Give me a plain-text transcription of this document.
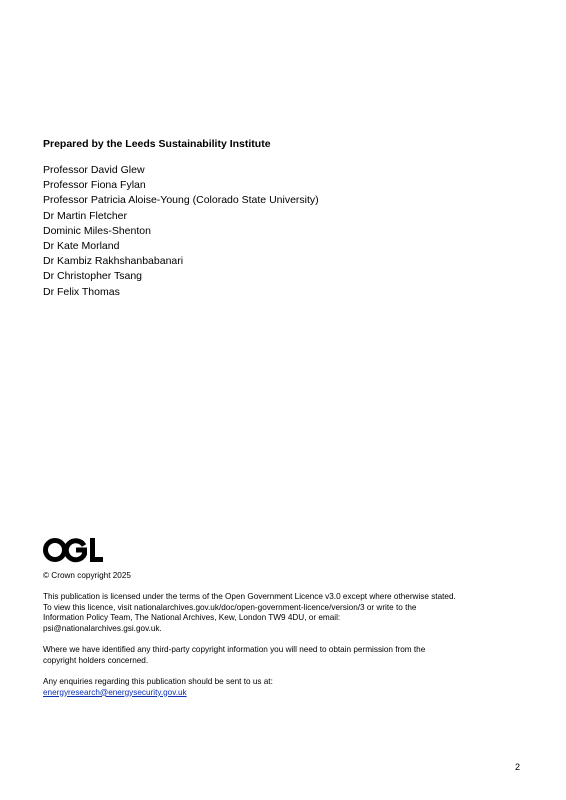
Prepared by the Leeds Sustainability Institute

Professor David Glew
Professor Fiona Fylan
Professor Patricia Aloise-Young (Colorado State University)
Dr Martin Fletcher
Dominic Miles-Shenton
Dr Kate Morland
Dr Kambiz Rakhshanbabanari
Dr Christopher Tsang
Dr Felix Thomas

© Crown copyright 2025

This publication is licensed under the terms of the Open Government Licence v3.0 except where otherwise stated.
To view this licence, visit nationalarchives.gov.uk/doc/open-government-licence/version/3 or write to the
Information Policy Team, The National Archives, Kew, London TW9 4DU, or email:
psi@nationalarchives.gsi.gov.uk.
Where we have identified any third-party copyright information you will need to obtain permission from the
copyright holders concerned.
Any enquiries regarding this publication should be sent to us at:
energyresearch@energysecurity.gov.uk
2
